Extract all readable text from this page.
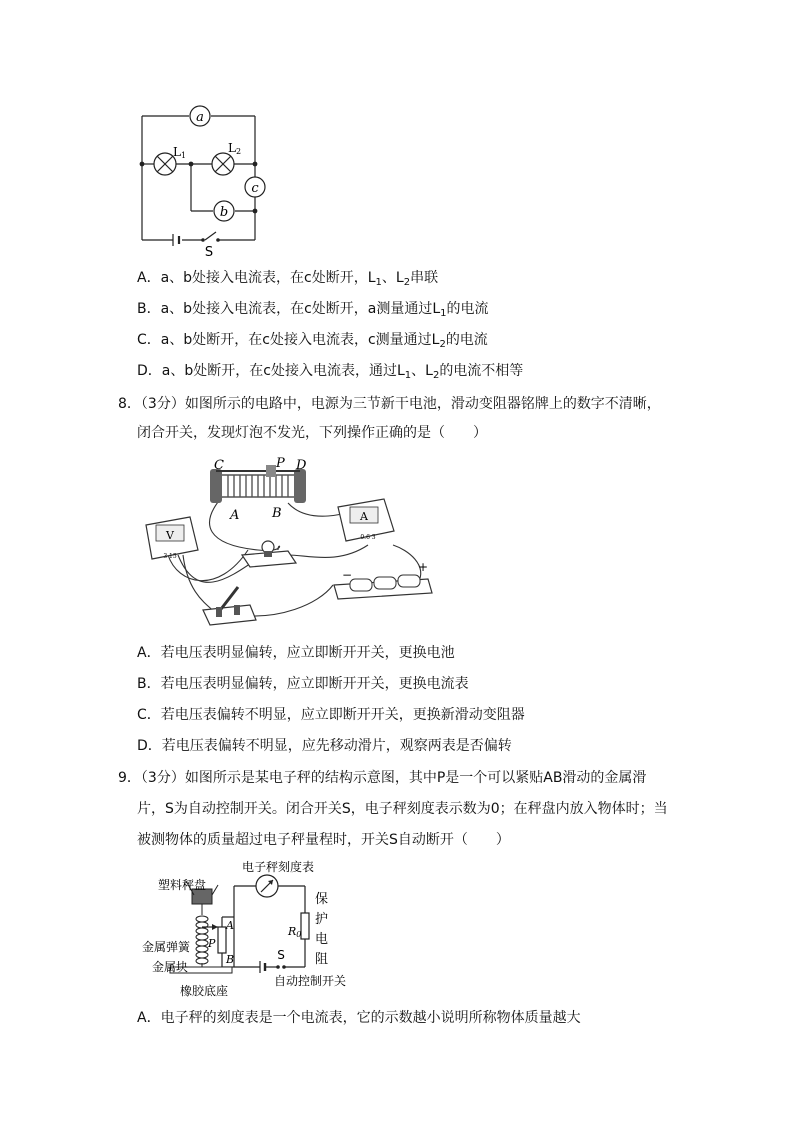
a
b
c
L1
L2
S
A．a、b处接入电流表，在c处断开，$L_1$、$L_2$串联
B．a、b处接入电流表，在c处断开，a测量通过$L_1$的电流
C．a、b处断开，在c处接入电流表，c测量通过$L_2$的电流
D．a、b处断开，在c处接入电流表，通过$L_1$、$L_2$的电流不相等
8．（3分）如图所示的电路中，电源为三节新干电池，滑动变阻器铭牌上的数字不清晰，
闭合开关，发现灯泡不发光，下列操作正确的是（　　）
C	P D
A	B
V
3 15
A
0.6 3
−
+
A．若电压表明显偏转，应立即断开开关，更换电池
B．若电压表明显偏转，应立即断开开关，更换电流表
C．若电压表偏转不明显，应立即断开开关，更换新滑动变阻器
D．若电压表偏转不明显，应先移动滑片，观察两表是否偏转
9．（3分）如图所示是某电子秤的结构示意图，其中P是一个可以紧贴AB滑动的金属滑
片，S为自动控制开关。闭合开关S，电子秤刻度表示数为0；在秤盘内放入物体时；当
被测物体的质量超过电子秤量程时，开关S自动断开（　　）
电子秤刻度表
S
自动控制开关
R0
保
护
电
阻
A
B
P
塑料秤盘
金属弹簧
金属块
橡胶底座
A．电子秤的刻度表是一个电流表，它的示数越小说明所称物体质量越大
